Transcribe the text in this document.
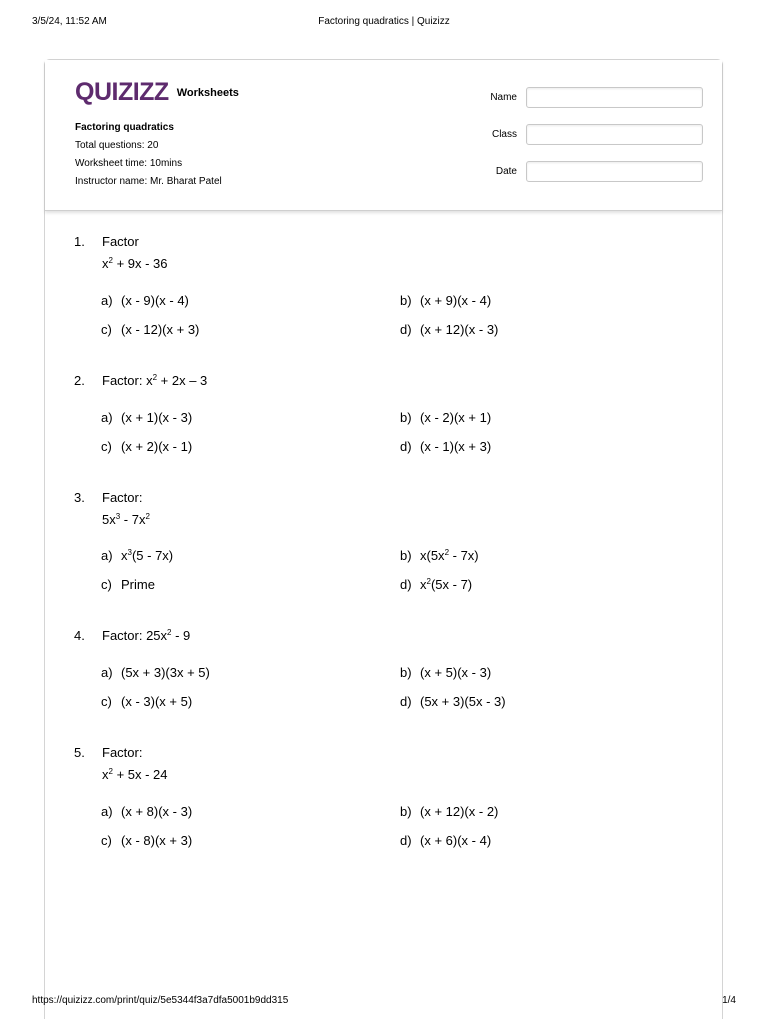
3/5/24, 11:52 AM	Factoring quadratics | Quizizz
QUIZIZZ Worksheets
Factoring quadratics
Total questions: 20
Worksheet time: 10mins
Instructor name: Mr. Bharat Patel
Name
Class
Date
1. Factor
$x^2 + 9x - 36$
a) (x - 9)(x - 4)	b) (x + 9)(x - 4)
c) (x - 12)(x + 3)	d) (x + 12)(x - 3)
2. Factor: $x^2 + 2x - 3$
a) (x + 1)(x - 3)	b) (x - 2)(x + 1)
c) (x + 2)(x - 1)	d) (x - 1)(x + 3)
3. Factor:
$5x^3 - 7x^2$
a) $x^3(5 - 7x)$	b) $x(5x^2 - 7x)$
c) Prime	d) $x^2(5x - 7)$
4. Factor: $25x^2 - 9$
a) (5x + 3)(3x + 5)	b) (x + 5)(x - 3)
c) (x - 3)(x + 5)	d) (5x + 3)(5x - 3)
5. Factor:
$x^2 + 5x - 24$
a) (x + 8)(x - 3)	b) (x + 12)(x - 2)
c) (x - 8)(x + 3)	d) (x + 6)(x - 4)
https://quizizz.com/print/quiz/5e5344f3a7dfa5001b9dd315	1/4
